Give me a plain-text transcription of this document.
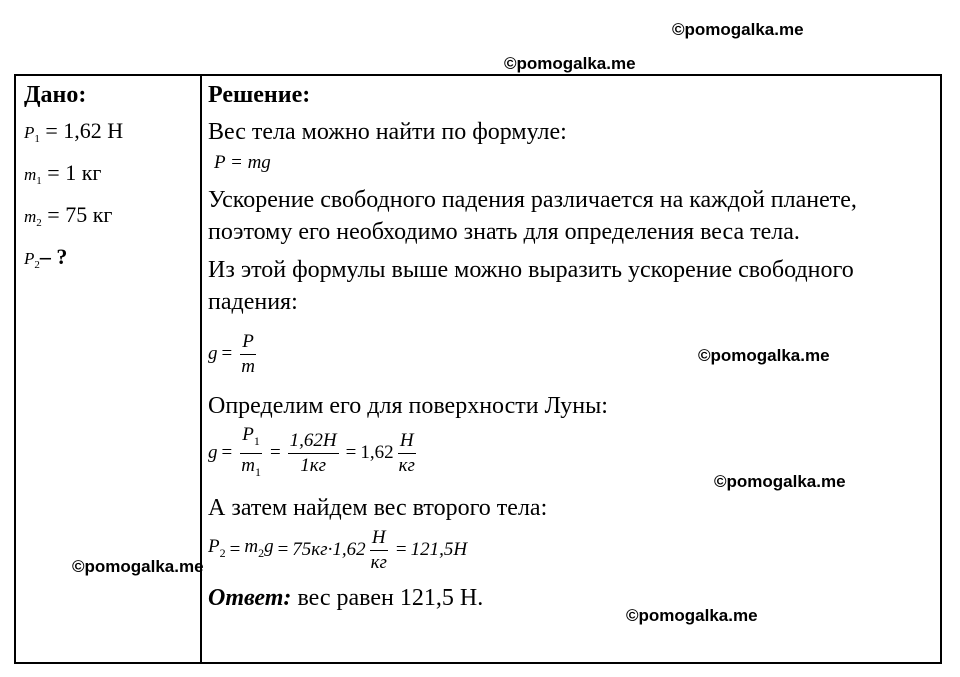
©pomogalka.me
©pomogalka.me
©pomogalka.me
©pomogalka.me
©pomogalka.me
©pomogalka.me
Дано:
$P_1 = 1,62$ Н
$m_1 = 1$ кг
$m_2 = 75$ кг
$P_2-$ ?
Решение:
Вес тела можно найти по формуле:
P = mg
Ускорение свободного падения различается на каждой планете, поэтому его необходимо знать для определения веса тела.
Из этой формулы выше можно выразить ускорение свободного падения:
$g = \frac{P}{m}$
Определим его для поверхности Луны:
$g = \frac{P_1}{m_1} = \frac{1,62Н}{1кг} = 1,62 \frac{Н}{кг}$
А затем найдем вес второго тела:
$P_2 = m_2g = 75кг\cdot 1,62 \frac{Н}{кг} = 121,5Н$
Ответ: вес равен 121,5 Н.
